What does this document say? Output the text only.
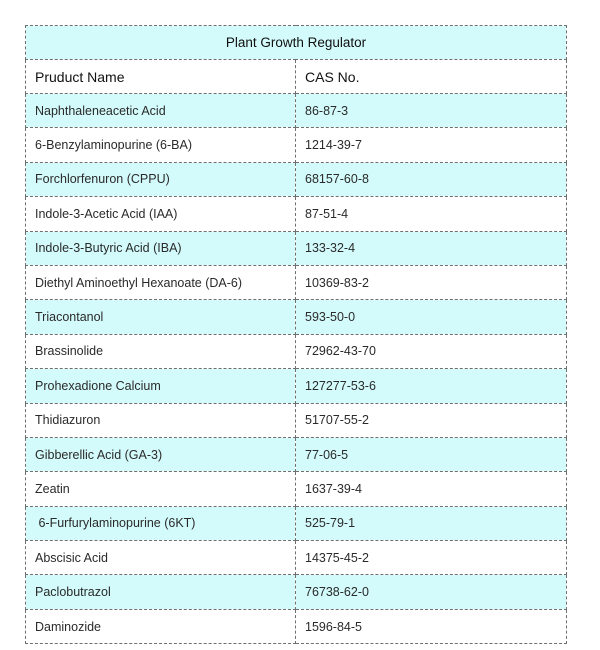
Plant Growth Regulator	
Pruduct Name	CAS No.
Naphthaleneacetic Acid	86-87-3
6-Benzylaminopurine (6-BA)	1214-39-7
Forchlorfenuron (CPPU)	68157-60-8
Indole-3-Acetic Acid (IAA)	87-51-4
Indole-3-Butyric Acid (IBA)	133-32-4
Diethyl Aminoethyl Hexanoate (DA-6)	10369-83-2
Triacontanol	593-50-0
Brassinolide	72962-43-70
Prohexadione Calcium	127277-53-6
Thidiazuron	51707-55-2
Gibberellic Acid (GA-3)	77-06-5
Zeatin	1637-39-4
6-Furfurylaminopurine (6KT)	525-79-1
Abscisic Acid	14375-45-2
Paclobutrazol	76738-62-0
Daminozide	1596-84-5
